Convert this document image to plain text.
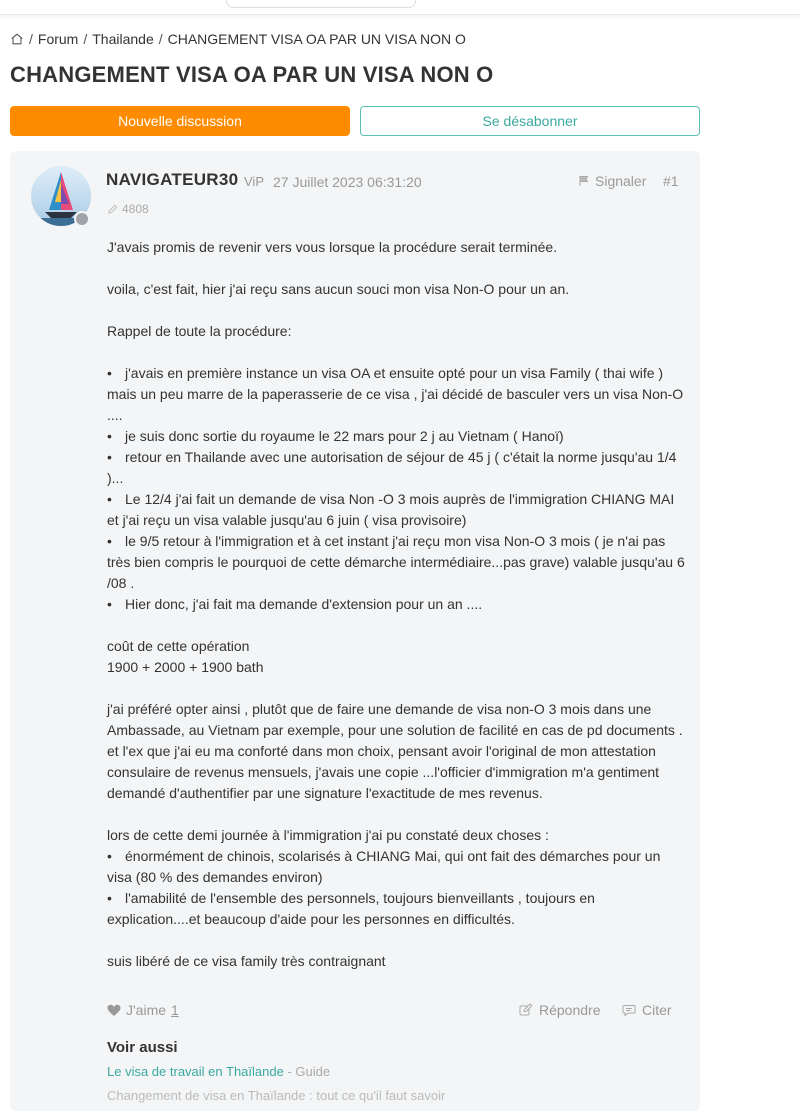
/ Forum / Thailande / CHANGEMENT VISA OA PAR UN VISA NON O
CHANGEMENT VISA OA PAR UN VISA NON O
Nouvelle discussion	Se désabonner
NAVIGATEUR30 ViP 27 Juillet 2023 06:31:20	Signaler #1
4808

J'avais promis de revenir vers vous lorsque la procédure serait terminée.

voila, c'est fait, hier j'ai reçu sans aucun souci mon visa Non-O pour un an.

Rappel de toute la procédure:

• j'avais en première instance un visa OA et ensuite opté pour un visa Family ( thai wife ) mais un peu marre de la paperasserie de ce visa , j'ai décidé de basculer vers un visa Non-O ....
• je suis donc sortie du royaume le 22 mars pour 2 j au Vietnam ( Hanoï)
• retour en Thailande avec une autorisation de séjour de 45 j ( c'était la norme jusqu'au 1/4 )...
• Le 12/4 j'ai fait un demande de visa Non -O 3 mois auprès de l'immigration CHIANG MAI et j'ai reçu un visa valable jusqu'au 6 juin ( visa provisoire)
• le 9/5 retour à l'immigration et à cet instant j'ai reçu mon visa Non-O 3 mois ( je n'ai pas très bien compris le pourquoi de cette démarche intermédiaire...pas grave) valable jusqu'au 6 /08 .
• Hier donc, j'ai fait ma demande d'extension pour un an ....

coût de cette opération
1900 + 2000 + 1900 bath

j'ai préféré opter ainsi , plutôt que de faire une demande de visa non-O 3 mois dans une Ambassade, au Vietnam par exemple, pour une solution de facilité en cas de pd documents . et l'ex que j'ai eu ma conforté dans mon choix, pensant avoir l'original de mon attestation consulaire de revenus mensuels, j'avais une copie ...l'officier d'immigration m'a gentiment demandé d'authentifier par une signature l'exactitude de mes revenus.

lors de cette demi journée à l'immigration j'ai pu constaté deux choses :
• énormément de chinois, scolarisés à CHIANG Mai, qui ont fait des démarches pour un visa (80 % des demandes environ)
• l'amabilité de l'ensemble des personnels, toujours bienveillants , toujours en explication....et beaucoup d'aide pour les personnes en difficultés.

suis libéré de ce visa family très contraignant

J'aime 1	Répondre	Citer
Voir aussi
Le visa de travail en Thaïlande - Guide
Changement de visa en Thaïlande : tout ce qu'il faut savoir
